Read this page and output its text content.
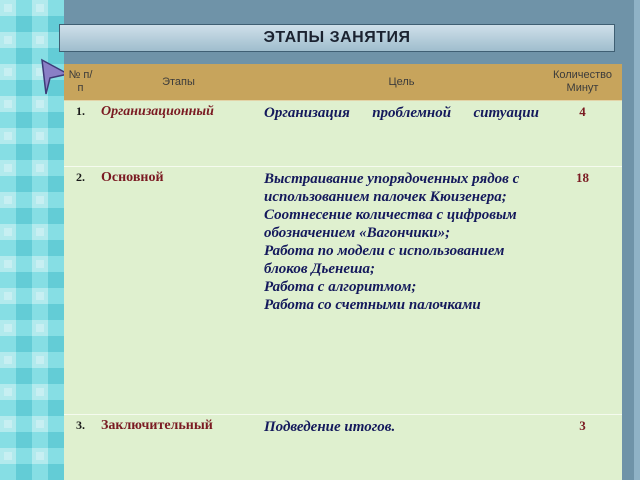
ЭТАПЫ ЗАНЯТИЯ
№ п/п	Этапы	Цель	Количество Минут
1.	Организационный	Организация проблемной ситуации	4
2.	Основной	Выстраивание упорядоченных рядов с использованием палочек Кюизенера;
Соотнесение количества с цифровым обозначением «Вагончики»;
Работа по модели с использованием блоков Дьенеша;
Работа с алгоритмом;
Работа со счетными палочками	18
3.	Заключительный	Подведение итогов.	3
